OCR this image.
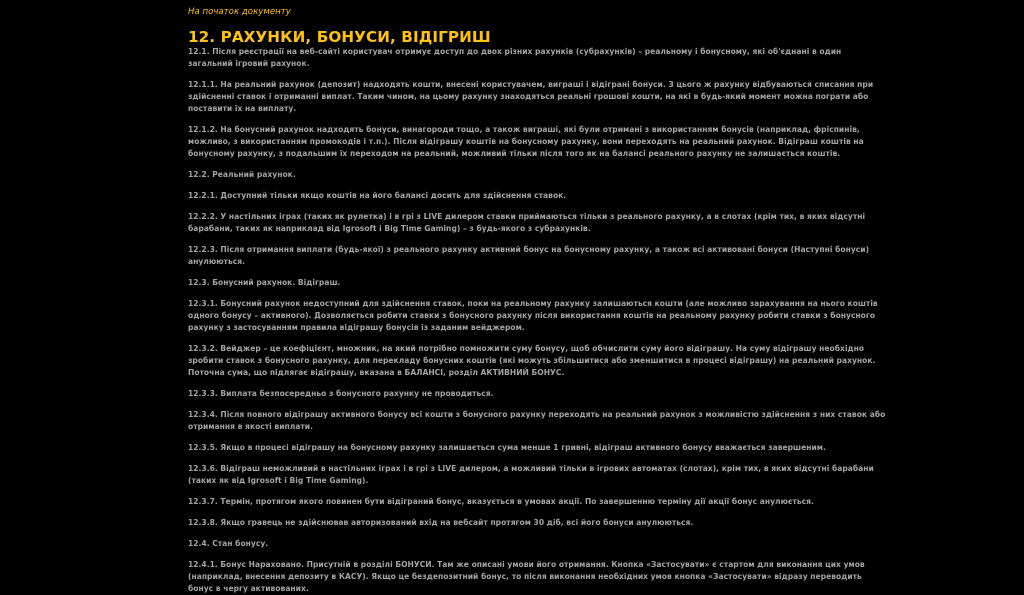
На початок документу
12. РАХУНКИ, БОНУСИ, ВІДІГРИШ

12.1. Після реєстрації на веб-сайті користувач отримує доступ до двох різних рахунків (субрахунків) – реальному і бонусному, які об'єднані в один загальний ігровий рахунок.

12.1.1. На реальний рахунок (депозит) надходять кошти, внесені користувачем, виграші і відіграні бонуси. З цього ж рахунку відбуваються списання при здійсненні ставок і отриманні виплат. Таким чином, на цьому рахунку знаходяться реальні грошові кошти, на які в будь-який момент можна пограти або поставити їх на виплату.

12.1.2. На бонусний рахунок надходять бонуси, винагороди тощо, а також виграші, які були отримані з використанням бонусів (наприклад, фріспинів, можливо, з використанням промокодів і т.п.). Після відіграшу коштів на бонусному рахунку, вони переходять на реальний рахунок. Відіграш коштів на бонусному рахунку, з подальшим їх переходом на реальний, можливий тільки після того як на балансі реального рахунку не залишається коштів.

12.2. Реальний рахунок.

12.2.1. Доступний тільки якщо коштів на його балансі досить для здійснення ставок.

12.2.2. У настільних іграх (таких як рулетка) і в грі з LIVE дилером ставки приймаються тільки з реального рахунку, а в слотах (крім тих, в яких відсутні барабани, таких як наприклад від Igrosoft і Big Time Gaming) – з будь-якого з субрахунків.

12.2.3. Після отримання виплати (будь-якої) з реального рахунку активний бонус на бонусному рахунку, а також всі активовані бонуси (Наступні бонуси) анулюються.

12.3. Бонусний рахунок. Відіграш.

12.3.1. Бонусний рахунок недоступний для здійснення ставок, поки на реальному рахунку залишаються кошти (але можливо зарахування на нього коштів одного бонусу – активного). Дозволяється робити ставки з бонусного рахунку після використання коштів на реальному рахунку робити ставки з бонусного рахунку з застосуванням правила відіграшу бонусів із заданим вейджером.

12.3.2. Вейджер – це коефіцієнт, множник, на який потрібно помножити суму бонусу, щоб обчислити суму його відіграшу. На суму відіграшу необхідно зробити ставок з бонусного рахунку, для перекладу бонусних коштів (які можуть збільшитися або зменшитися в процесі відіграшу) на реальний рахунок. Поточна сума, що підлягає відіграшу, вказана в БАЛАНСІ, розділ АКТИВНИЙ БОНУС.

12.3.3. Виплата безпосередньо з бонусного рахунку не проводиться.

12.3.4. Після повного відіграшу активного бонусу всі кошти з бонусного рахунку переходять на реальний рахунок з можливістю здійснення з них ставок або отримання в якості виплати.

12.3.5. Якщо в процесі відіграшу на бонусному рахунку залишається сума менше 1 гривні, відіграш активного бонусу вважається завершеним.

12.3.6. Відіграш неможливий в настільних іграх і в грі з LIVE дилером, а можливий тільки в ігрових автоматах (слотах), крім тих, в яких відсутні барабани (таких як від Igrosoft і Big Time Gaming).

12.3.7. Термін, протягом якого повинен бути відіграний бонус, вказується в умовах акції. По завершенню терміну дії акції бонус анулюється.

12.3.8. Якщо гравець не здійснював авторизований вхід на вебсайт протягом 30 діб, всі його бонуси анулюються.

12.4. Стан бонусу.

12.4.1. Бонус Нараховано. Присутній в розділі БОНУСИ. Там же описані умови його отримання. Кнопка «Застосувати» є стартом для виконання цих умов (наприклад, внесення депозиту в КАСУ). Якщо це бездепозитний бонус, то після виконання необхідних умов кнопка «Застосувати» відразу переводить бонус в чергу активованих.
